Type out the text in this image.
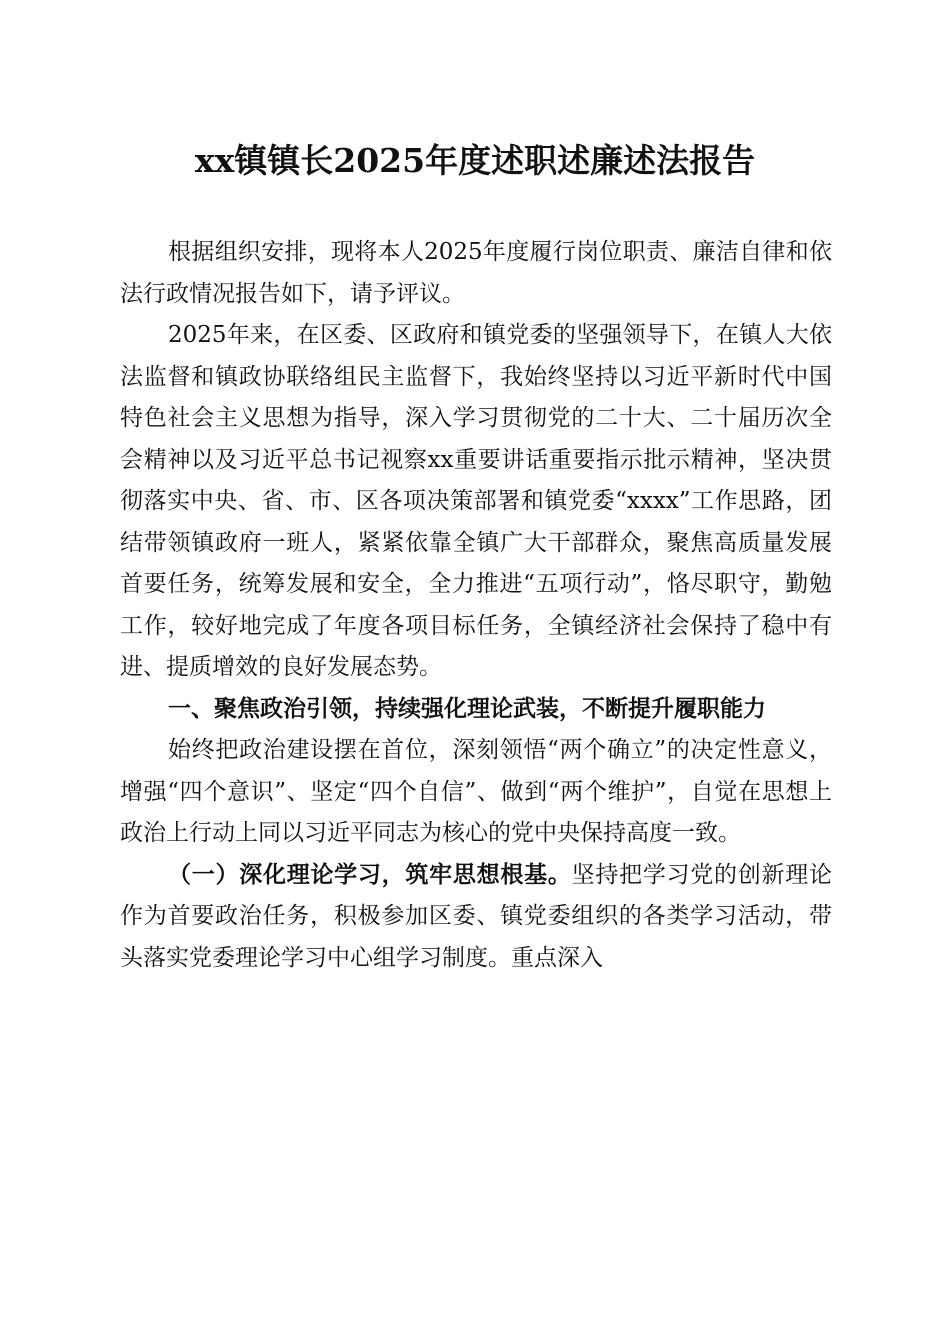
xx镇镇长2025年度述职述廉述法报告

根据组织安排，现将本人2025年度履行岗位职责、廉洁自律和依法行政情况报告如下，请予评议。

2025年来，在区委、区政府和镇党委的坚强领导下，在镇人大依法监督和镇政协联络组民主监督下，我始终坚持以习近平新时代中国特色社会主义思想为指导，深入学习贯彻党的二十大、二十届历次全会精神以及习近平总书记视察xx重要讲话重要指示批示精神，坚决贯彻落实中央、省、市、区各项决策部署和镇党委“xxxx”工作思路，团结带领镇政府一班人，紧紧依靠全镇广大干部群众，聚焦高质量发展首要任务，统筹发展和安全，全力推进“五项行动”，恪尽职守，勤勉工作，较好地完成了年度各项目标任务，全镇经济社会保持了稳中有进、提质增效的良好发展态势。

一、聚焦政治引领，持续强化理论武装，不断提升履职能力

始终把政治建设摆在首位，深刻领悟“两个确立”的决定性意义，增强“四个意识”、坚定“四个自信”、做到“两个维护”，自觉在思想上政治上行动上同以习近平同志为核心的党中央保持高度一致。

（一）深化理论学习，筑牢思想根基。坚持把学习党的创新理论作为首要政治任务，积极参加区委、镇党委组织的各类学习活动，带头落实党委理论学习中心组学习制度。重点深入
